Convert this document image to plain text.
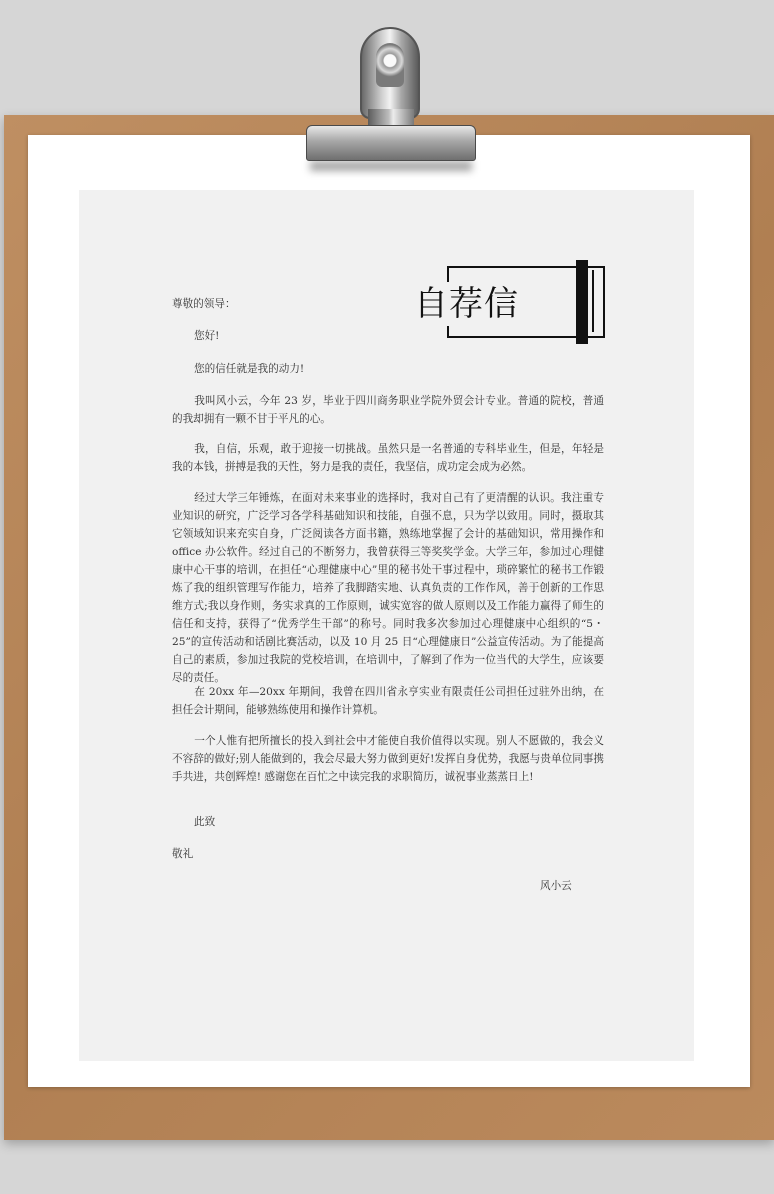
自荐信
尊敬的领导：
您好!
您的信任就是我的动力!
我叫风小云，今年 23 岁，毕业于四川商务职业学院外贸会计专业。普通的院校，普通的我却拥有一颗不甘于平凡的心。
我，自信，乐观，敢于迎接一切挑战。虽然只是一名普通的专科毕业生，但是，年轻是我的本钱，拼搏是我的天性，努力是我的责任，我坚信，成功定会成为必然。
经过大学三年锤炼，在面对未来事业的选择时，我对自己有了更清醒的认识。我注重专业知识的研究，广泛学习各学科基础知识和技能，自强不息，只为学以致用。同时，摄取其它领域知识来充实自身，广泛阅读各方面书籍，熟练地掌握了会计的基础知识，常用操作和 office 办公软件。经过自己的不断努力，我曾获得三等奖奖学金。大学三年，参加过心理健康中心干事的培训，在担任“心理健康中心”里的秘书处干事过程中，琐碎繁忙的秘书工作锻炼了我的组织管理写作能力，培养了我脚踏实地、认真负责的工作作风，善于创新的工作思维方式;我以身作则，务实求真的工作原则，诚实宽容的做人原则以及工作能力赢得了师生的信任和支持，获得了“优秀学生干部”的称号。同时我多次参加过心理健康中心组织的“5・25”的宣传活动和话剧比赛活动，以及 10 月 25 日“心理健康日”公益宣传活动。为了能提高自己的素质，参加过我院的党校培训，在培训中，了解到了作为一位当代的大学生，应该要尽的责任。
在 20xx 年—20xx 年期间，我曾在四川省永亨实业有限责任公司担任过驻外出纳，在担任会计期间，能够熟练使用和操作计算机。
一个人惟有把所擅长的投入到社会中才能使自我价值得以实现。别人不愿做的，我会义不容辞的做好;别人能做到的，我会尽最大努力做到更好!发挥自身优势，我愿与贵单位同事携手共进，共创辉煌! 感谢您在百忙之中读完我的求职简历，诚祝事业蒸蒸日上!
此致
敬礼
风小云
